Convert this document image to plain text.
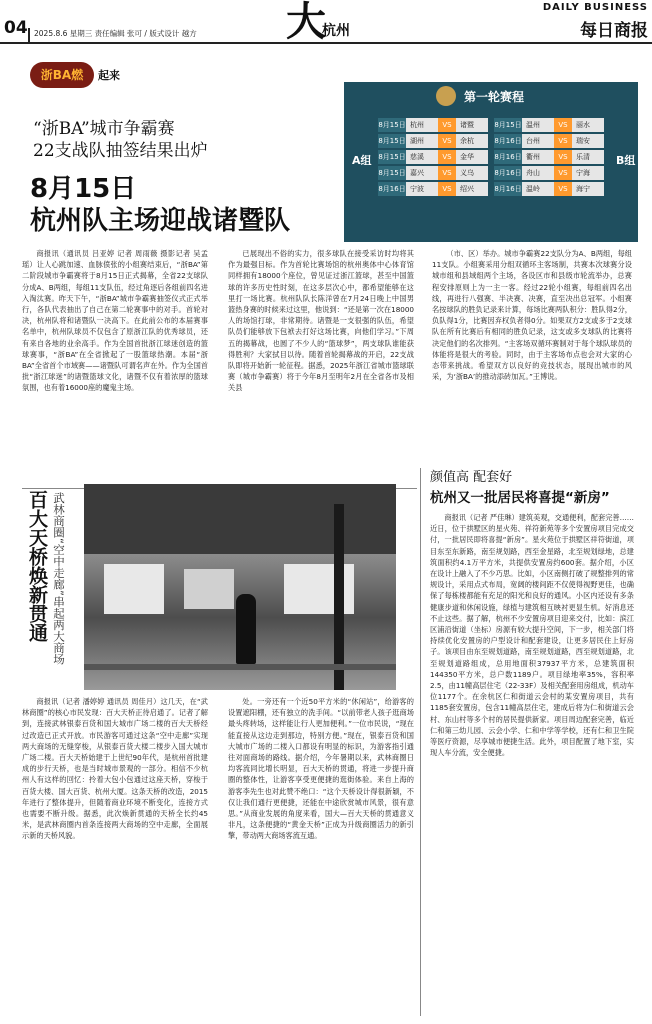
04 2025.8.6 星期三 责任编辑 张可 / 版式设计 越方 大
杭州
DAILY BUSINESS
每日商报
浙BA燃	起来
“浙BA”城市争霸赛
22支战队抽签结果出炉
8月15日
杭州队主场迎战诸暨队
第一轮赛程
A组	B组
8月15日 杭州	VS	诸暨
8月15日 湖州	VS	余杭
8月15日 慈溪	VS	金华
8月15日 嘉兴	VS	义乌
8月16日 宁波	VS	绍兴
8月15日 温州	VS	丽水
8月16日 台州	VS	瑞安
8月16日 衢州	VS	乐清
8月16日 舟山	VS	宁海
8月16日 温岭	VS	海宁

商报讯（通讯员 吕亚婷 记者 周雨薇 摄影记者 吴孟瑶）让人心跳加速、血脉偾张的小组赛结束后，“浙BA”第二阶段城市争霸赛将于8月15日正式揭幕，全省22支球队分成A、B两组，每组11支队伍，经过角逐后各组前四名进入淘汰赛。昨天下午，“浙BA”城市争霸赛抽签仪式正式举行，各队代表抽出了自己在第二轮赛事中的对手。首轮对决，杭州队将和诸暨队一决高下。在此前公布的本届赛事名单中，杭州队球员不仅包含了原浙江队的优秀球员，还有来自各地的业余高手。作为全国首批浙江球迷创造的篮球赛事，“浙BA”在全省掀起了一股篮球热潮。本届“浙BA”全省首个市域赛——诸暨队可谓名声在外。作为全国首批“浙江球迷”的诸暨篮球文化，诸暨不仅有着浓厚的篮球氛围，也有着16000座的魔鬼主场。

已展现出不俗的实力，很多球队在接受采访时均将其作为最强目标。作为首轮比赛场馆的杭州奥体中心体育馆同样拥有18000个座位，曾见证过浙江篮球，甚至中国篮球的许多历史性时刻，在这多层次心中，都希望能够在这里打一场比赛。杭州队队长陈洋曾在7月24日晚上中国男篮热身赛的时候来过这里，他说到：“还是第一次在18000人的场馆打球，非常期待。诸暨是一支很强的队伍，希望队员们能够放下包袱去打好这场比赛，向他们学习。”下周五的揭幕战，也圆了不少人的“篮球梦”，两支球队谁能获得胜利？大家拭目以待。随着首轮揭幕战的开启，22支战队即将开始新一轮征程。据悉，2025年浙江省城市篮球联赛（城市争霸赛）将于今年8月至明年2月在全省各市及相关县

（市、区）举办。城市争霸赛22支队分为A、B两组，每组11支队。小组赛采用分组双循环主客场制，共赛本次球赛分设城市组和县域组两个主场，各设区市和县级市轮流举办，总赛程安排原则上为一主一客。经过22轮小组赛，每组前四名出线，再进行八强赛、半决赛、决赛，直至决出总冠军。小组赛名按球队的胜负记录来计算，每场比赛两队积分：胜队得2分，负队得1分，比赛因弃权负者得0分。如果双方2支或多于2支球队在所有比赛后有相同的胜负记录，这支或多支球队的比赛将决定他们的名次排列。“主客场双循环赛制对于每个球队球员的体能将是很大的考验。同时，由于主客场布点也会对大家的心态带来挑战。希望双方以良好的竞技状态，展现出城市的风采，为‘浙BA’的推动添砖加瓦。”王博说。

百大天桥焕新贯通 武林商圈“空中走廊”串起两大商场

商报讯（记者 潘婷婷 通讯员 周佳月）这几天，在“武林商圈”的核心市民发现：百大天桥正待启通了。记者了解到，连接武林银泰百货和国大城市广场二楼的百大天桥经过改造已正式开放。市民游客可通过这条“空中走廊”实现两大商场的无缝穿梭，从银泰百货大楼二楼步入国大城市广场二楼。百大天桥始建于上世纪90年代，是杭州首批建成的步行天桥，也是当时城市景观的一部分。相信不少杭州人有这样的回忆：拎着大包小包通过这座天桥，穿梭于百货大楼、国大百货、杭州大厦。这条天桥的改造，2015年进行了整体提升，但随着商业环境不断变化，连接方式也需要不断升级。据悉，此次焕新贯通的天桥全长约45米，是武林商圈内首条连接两大商场的空中走廊，全面展示新的天桥风貌。

处。一旁还有一个近50平方米的“休闲站”，给游客的设置遮阳棚，还有独立的洗手间。“以前带老人孩子逛商场最头疼转场，这样能让行人更加便利。”一位市民说，“现在能直接从这边走到那边，特别方便。”现在，银泰百货和国大城市广场的二楼入口都设有明显的标识，为游客指引通往对面商场的路线。据介绍，今年暑期以来，武林商圈日均客流同比增长明显，百大天桥的贯通，将进一步提升商圈的整体性，让游客享受更便捷的逛街体验。来自上海的游客李先生也对此赞不绝口：“这个天桥设计得很新颖，不仅让我们通行更便捷，还能在中途欣赏城市风景，很有意思。”从商业发展的角度来看，国大—百大天桥的贯通意义非凡，这条便捷的“黄金天桥”正成为升级商圈活力的新引擎，带动两大商场客流互通。

颜值高 配套好
杭州又一批居民将喜提“新房”

商报讯（记者 严佳琳）建筑美观，交通便利，配套完善……近日，位于拱墅区的星火苑、祥符新苑等多个安置房项目完成交付，一批居民即将喜提“新房”。星火苑位于拱墅区祥符街道，项目东至东新路，南至规划路，西至金星路，北至规划绿地，总建筑面积约4.1万平方米，共提供安置房约600套。据介绍，小区在设计上融入了不少巧思。比如，小区南侧打破了规整排列的常规设计，采用点式布局，宽阔的楼间距不仅使得视野更佳，也确保了每栋楼都能有充足的阳光和良好的通风。小区内还设有多条健康步道和休闲设施，绿植与建筑相互映衬更显生机。好消息还不止这些。据了解，杭州不少安置房项目迎来交付，比如：滨江区浦沿街道（坐标）房源有较大提升空间，下一步，相关部门将持续优化安置房的户型设计和配套建设，让更多居民住上好房子。该项目由东至规划道路，南至规划道路，西至规划道路，北至规划道路组成，总用地面积37937平方米，总建筑面积144350平方米，总户数1189户。项目绿地率35%，容积率2.5，由11幢高层住宅（22-33F）及相关配套用房组成，机动车位1177个。在余杭区仁和街道云会村的某安置房项目，共有1185套安置房，包含11幢高层住宅，建成后将为仁和街道云会村、东山村等多个村的居民提供新家。项目周边配套完善，临近仁和第三幼儿园、云会小学、仁和中学等学校，还有仁和卫生院等医疗资源，尽享城市便捷生活。此外，项目配置了地下室，实现人车分流，安全便捷。
